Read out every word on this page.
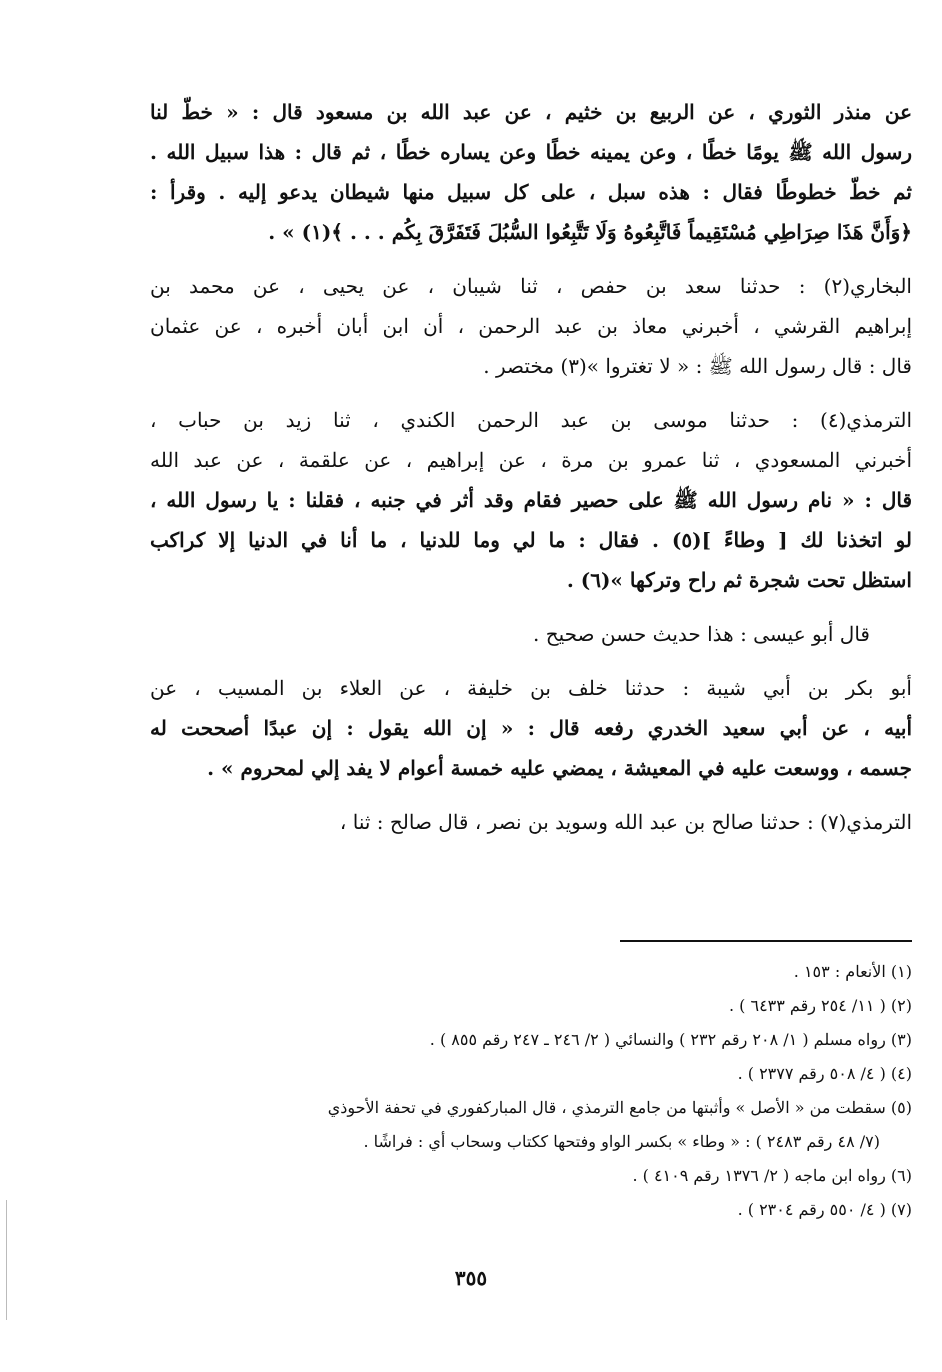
عن منذر الثوري ، عن الربيع بن خثيم ، عن عبد الله بن مسعود قال : « خطّ لنا
رسول الله ﷺ يومًا خطًا ، وعن يمينه خطًا وعن يساره خطًا ، ثم قال : هذا سبيل الله .
ثم خطّ خطوطًا فقال : هذه سبل ، على كل سبيل منها شيطان يدعو إليه . وقرأ :
﴿وَأَنَّ هَذَا صِرَاطِي مُسْتَقِيماً فَاتَّبِعُوهُ وَلَا تَتَّبِعُوا السُّبُلَ فَتَفَرَّقَ بِكُم . . . ﴾(١) » .
البخاري(٢) : حدثنا سعد بن حفص ، ثنا شيبان ، عن يحيى ، عن محمد بن
إبراهيم القرشي ، أخبرني معاذ بن عبد الرحمن ، أن ابن أبان أخبره ، عن عثمان
قال : قال رسول الله ﷺ : « لا تغتروا »(٣) مختصر .
الترمذي(٤) : حدثنا موسى بن عبد الرحمن الكندي ، ثنا زيد بن حباب ،
أخبرني المسعودي ، ثنا عمرو بن مرة ، عن إبراهيم ، عن علقمة ، عن عبد الله
قال : « نام رسول الله ﷺ على حصير فقام وقد أثر في جنبه ، فقلنا : يا رسول الله ،
لو اتخذنا لك [ وطاءً ](٥) . فقال : ما لي وما للدنيا ، ما أنا في الدنيا إلا كراكب
استظل تحت شجرة ثم راح وتركها »(٦) .
قال أبو عيسى : هذا حديث حسن صحيح .
أبو بكر بن أبي شيبة : حدثنا خلف بن خليفة ، عن العلاء بن المسيب ، عن
أبيه ، عن أبي سعيد الخدري رفعه قال : « إن الله يقول : إن عبدًا أصححت له
جسمه ، ووسعت عليه في المعيشة ، يمضي عليه خمسة أعوام لا يفد إلي لمحروم » .
الترمذي(٧) : حدثنا صالح بن عبد الله وسويد بن نصر ، قال صالح : ثنا ،
(١) الأنعام : ١٥٣ .
(٢) ( ١١/ ٢٥٤ رقم ٦٤٣٣ ) .
(٣) رواه مسلم ( ١/ ٢٠٨ رقم ٢٣٢ ) والنسائي ( ٢/ ٢٤٦ ـ ٢٤٧ رقم ٨٥٥ ) .
(٤) ( ٤/ ٥٠٨ رقم ٢٣٧٧ ) .
(٥) سقطت من « الأصل » وأثبتها من جامع الترمذي ، قال المباركفوري في تحفة الأحوذي
(٧/ ٤٨ رقم ٢٤٨٣ ) : « وطاء » بكسر الواو وفتحها ككتاب وسحاب أي : فراشًا .
(٦) رواه ابن ماجه ( ٢/ ١٣٧٦ رقم ٤١٠٩ ) .
(٧) ( ٤/ ٥٥٠ رقم ٢٣٠٤ ) .
٣٥٥
